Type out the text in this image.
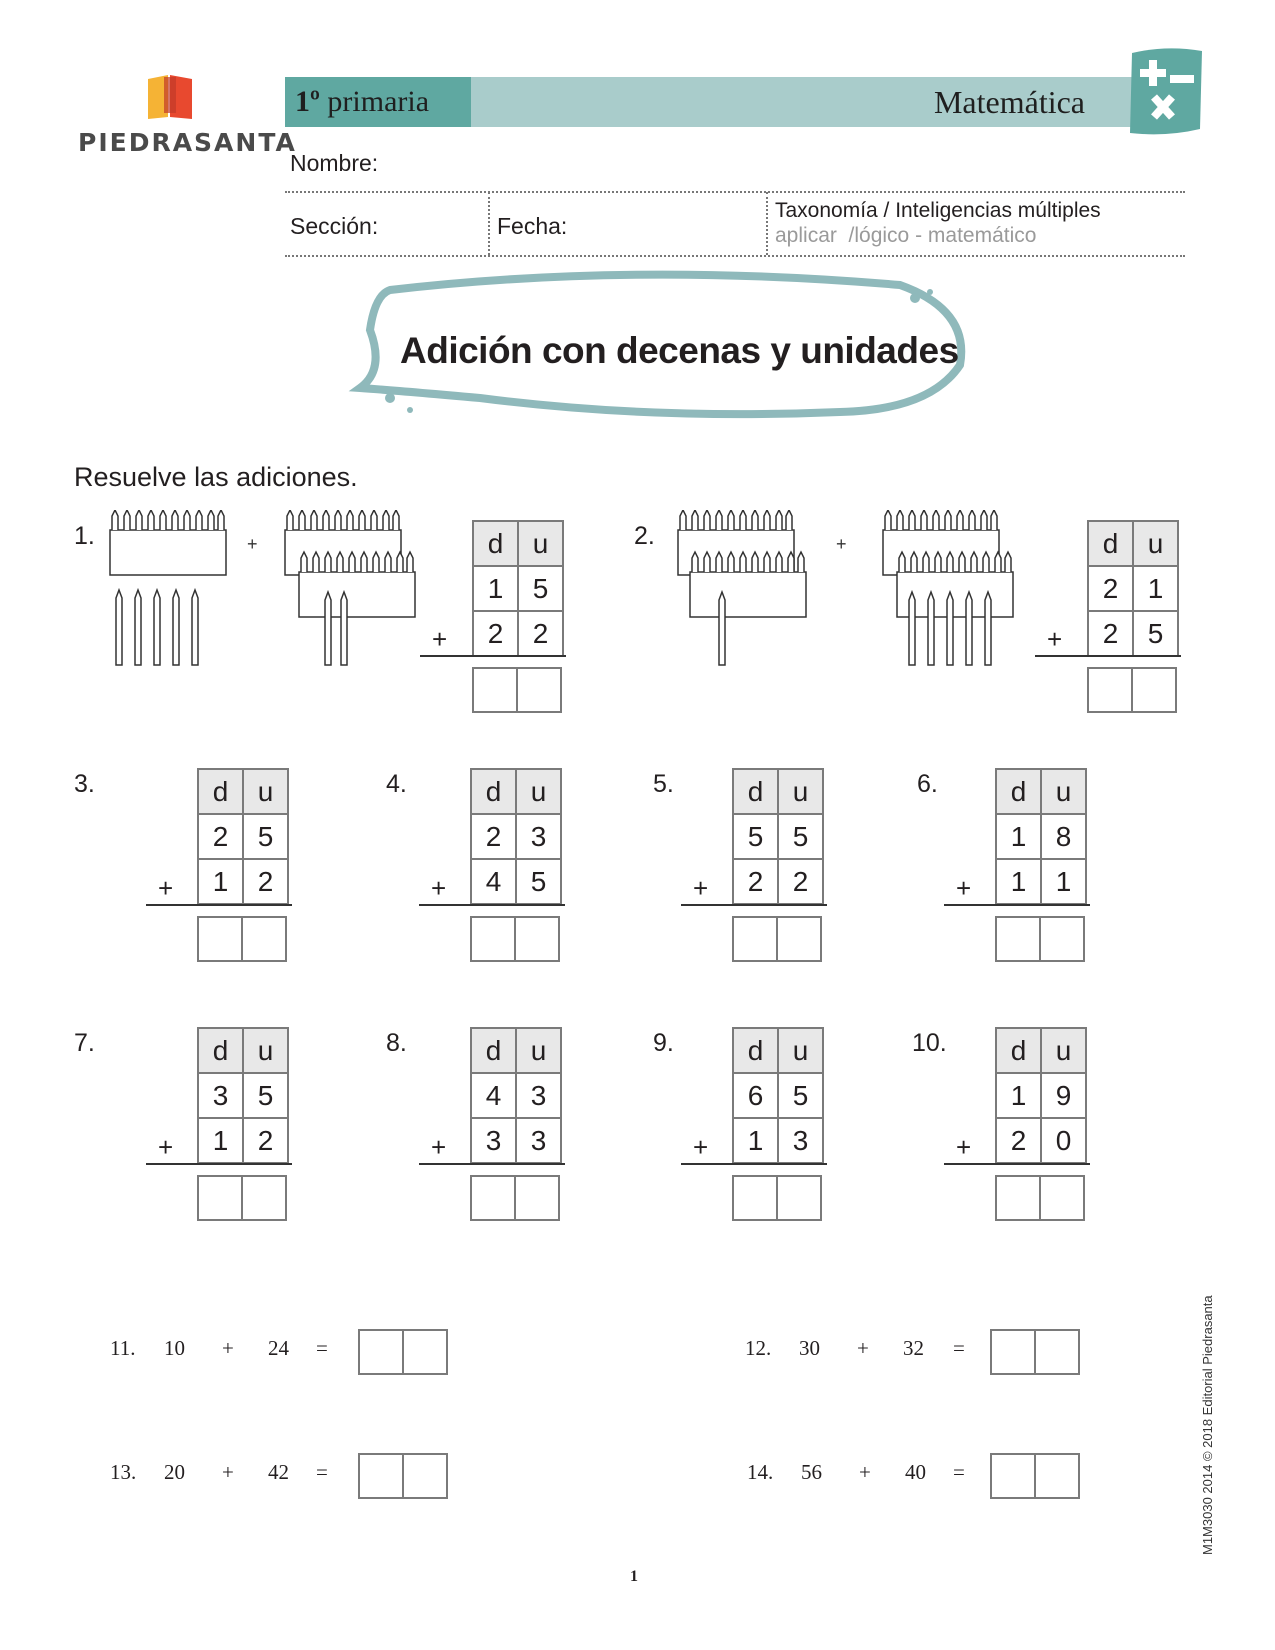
PIEDRASANTA
1º primaria	Matemática
Nombre:
Sección:	Fecha:
Taxonomía / Inteligencias múltiples
aplicar  /lógico - matemático
Adición con decenas y unidades
Resuelve las adiciones.
1.	+	2.	+
d	u
1	5
2	2
+
d	u
2	1
2	5
+
3.	d	u
2	5
1	2
+
4.	d	u
2	3
4	5
+
5.	d	u
5	5
2	2
+
6.	d	u
1	8
1	1
+
7.	d	u
3	5
1	2
+
8.	d	u
4	3
3	3
+
9.	d	u
6	5
1	3
+
10. d	u
1	9
2	0
+
11. 10 + 24 =	12. 30 + 32 =
13. 20 + 42 =	14. 56 + 40 =	M1M3030 2014 © 2018 Editorial Piedrasanta
1
